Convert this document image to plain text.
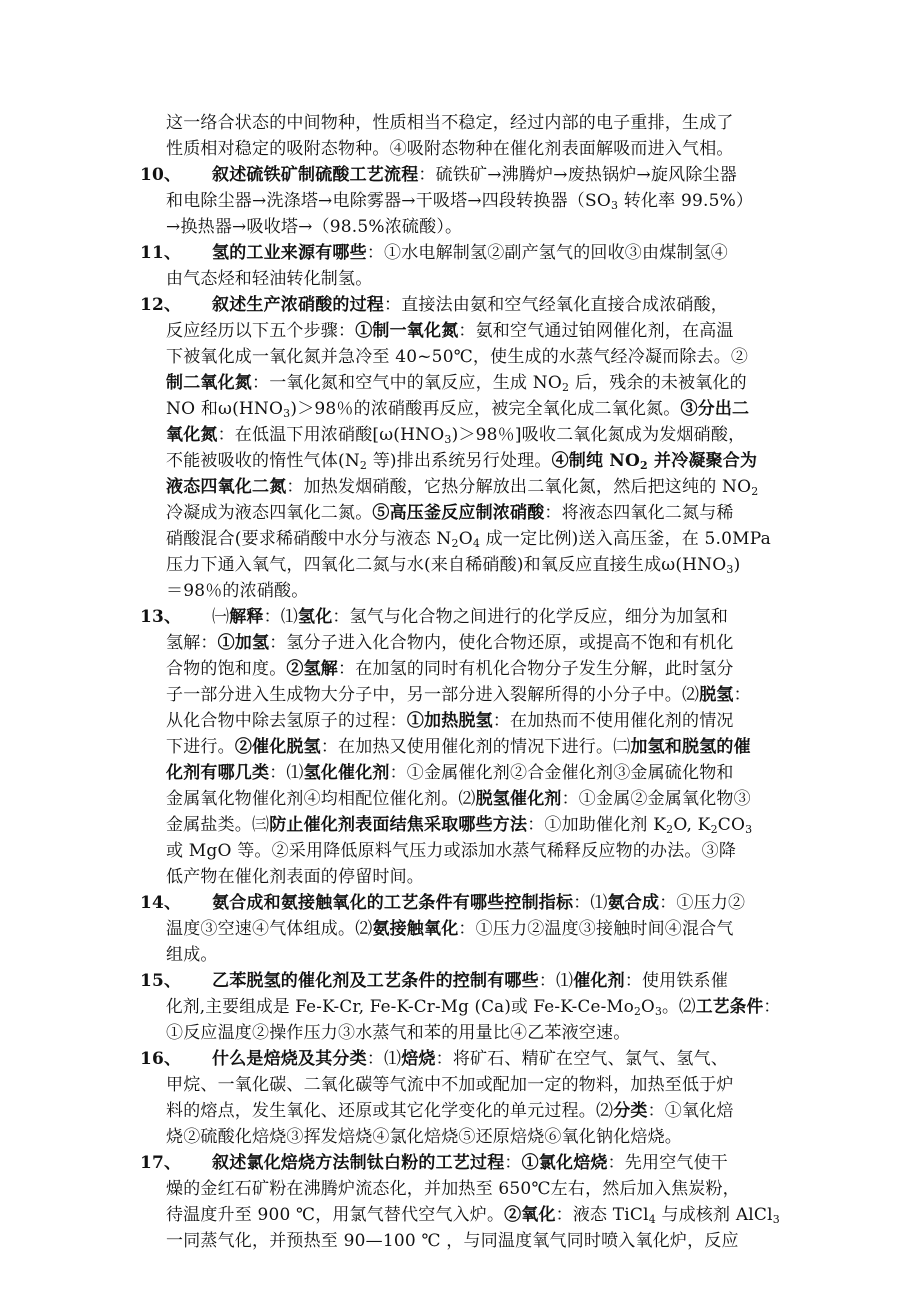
这一络合状态的中间物种，性质相当不稳定，经过内部的电子重排，生成了
性质相对稳定的吸附态物种。④吸附态物种在催化剂表面解吸而进入气相。
10、 叙述硫铁矿制硫酸工艺流程：硫铁矿→沸腾炉→废热锅炉→旋风除尘器
和电除尘器→洗涤塔→电除雾器→干吸塔→四段转换器（$SO_3$ 转化率 99.5%）
→换热器→吸收塔→（98.5%浓硫酸）。
11、 氢的工业来源有哪些：①水电解制氢②副产氢气的回收③由煤制氢④
由气态烃和轻油转化制氢。
12、 叙述生产浓硝酸的过程：直接法由氨和空气经氧化直接合成浓硝酸，
反应经历以下五个步骤：①制一氧化氮：氨和空气通过铂网催化剂，在高温
下被氧化成一氧化氮并急冷至 40~50℃，使生成的水蒸气经冷凝而除去。②
制二氧化氮：一氧化氮和空气中的氧反应，生成 $NO_2$ 后，残余的未被氧化的
NO 和$\omega(HNO_3)>98$％的浓硝酸再反应，被完全氧化成二氧化氮。③分出二
氧化氮：在低温下用浓硝酸[$\omega(HNO_3)>98$％]吸收二氧化氮成为发烟硝酸，
不能被吸收的惰性气体($N_2$ 等)排出系统另行处理。④制纯 $NO_2$ 并冷凝聚合为
液态四氧化二氮：加热发烟硝酸，它热分解放出二氧化氮，然后把这纯的 $NO_2$
冷凝成为液态四氧化二氮。⑤高压釜反应制浓硝酸：将液态四氧化二氮与稀
硝酸混合(要求稀硝酸中水分与液态 $N_2O_4$ 成一定比例)送入高压釜，在 5.0MPa
压力下通入氧气，四氧化二氮与水(来自稀硝酸)和氧反应直接生成$\omega(HNO_3)$
＝98％的浓硝酸。
13、 ㈠解释：⑴氢化：氢气与化合物之间进行的化学反应，细分为加氢和
氢解：①加氢：氢分子进入化合物内，使化合物还原，或提高不饱和有机化
合物的饱和度。②氢解：在加氢的同时有机化合物分子发生分解，此时氢分
子一部分进入生成物大分子中，另一部分进入裂解所得的小分子中。⑵脱氢：
从化合物中除去氢原子的过程：①加热脱氢：在加热而不使用催化剂的情况
下进行。②催化脱氢：在加热又使用催化剂的情况下进行。㈡加氢和脱氢的催
化剂有哪几类：⑴氢化催化剂：①金属催化剂②合金催化剂③金属硫化物和
金属氧化物催化剂④均相配位催化剂。⑵脱氢催化剂：①金属②金属氧化物③
金属盐类。㈢防止催化剂表面结焦采取哪些方法：①加助催化剂 $K_2O$, $K_2CO_3$
或 MgO 等。②采用降低原料气压力或添加水蒸气稀释反应物的办法。③降
低产物在催化剂表面的停留时间。
14、 氨合成和氨接触氧化的工艺条件有哪些控制指标：⑴氨合成：①压力②
温度③空速④气体组成。⑵氨接触氧化：①压力②温度③接触时间④混合气
组成。
15、 乙苯脱氢的催化剂及工艺条件的控制有哪些：⑴催化剂：使用铁系催
化剂,主要组成是 Fe-K-Cr, Fe-K-Cr-Mg (Ca)或 $Fe-K-Ce-Mo_2O_3$。⑵工艺条件：
①反应温度②操作压力③水蒸气和苯的用量比④乙苯液空速。
16、 什么是焙烧及其分类：⑴焙烧：将矿石、精矿在空气、氯气、氢气、
甲烷、一氧化碳、二氧化碳等气流中不加或配加一定的物料，加热至低于炉
料的熔点，发生氧化、还原或其它化学变化的单元过程。⑵分类：①氧化焙
烧②硫酸化焙烧③挥发焙烧④氯化焙烧⑤还原焙烧⑥氧化钠化焙烧。
17、 叙述氯化焙烧方法制钛白粉的工艺过程：①氯化焙烧：先用空气使干
燥的金红石矿粉在沸腾炉流态化，并加热至 650℃左右，然后加入焦炭粉，
待温度升至 900 ℃，用氯气替代空气入炉。②氧化：液态 TiCl$_4$ 与成核剂 AlCl$_3$
一同蒸气化，并预热至 90—100 ℃ ，与同温度氧气同时喷入氧化炉，反应
